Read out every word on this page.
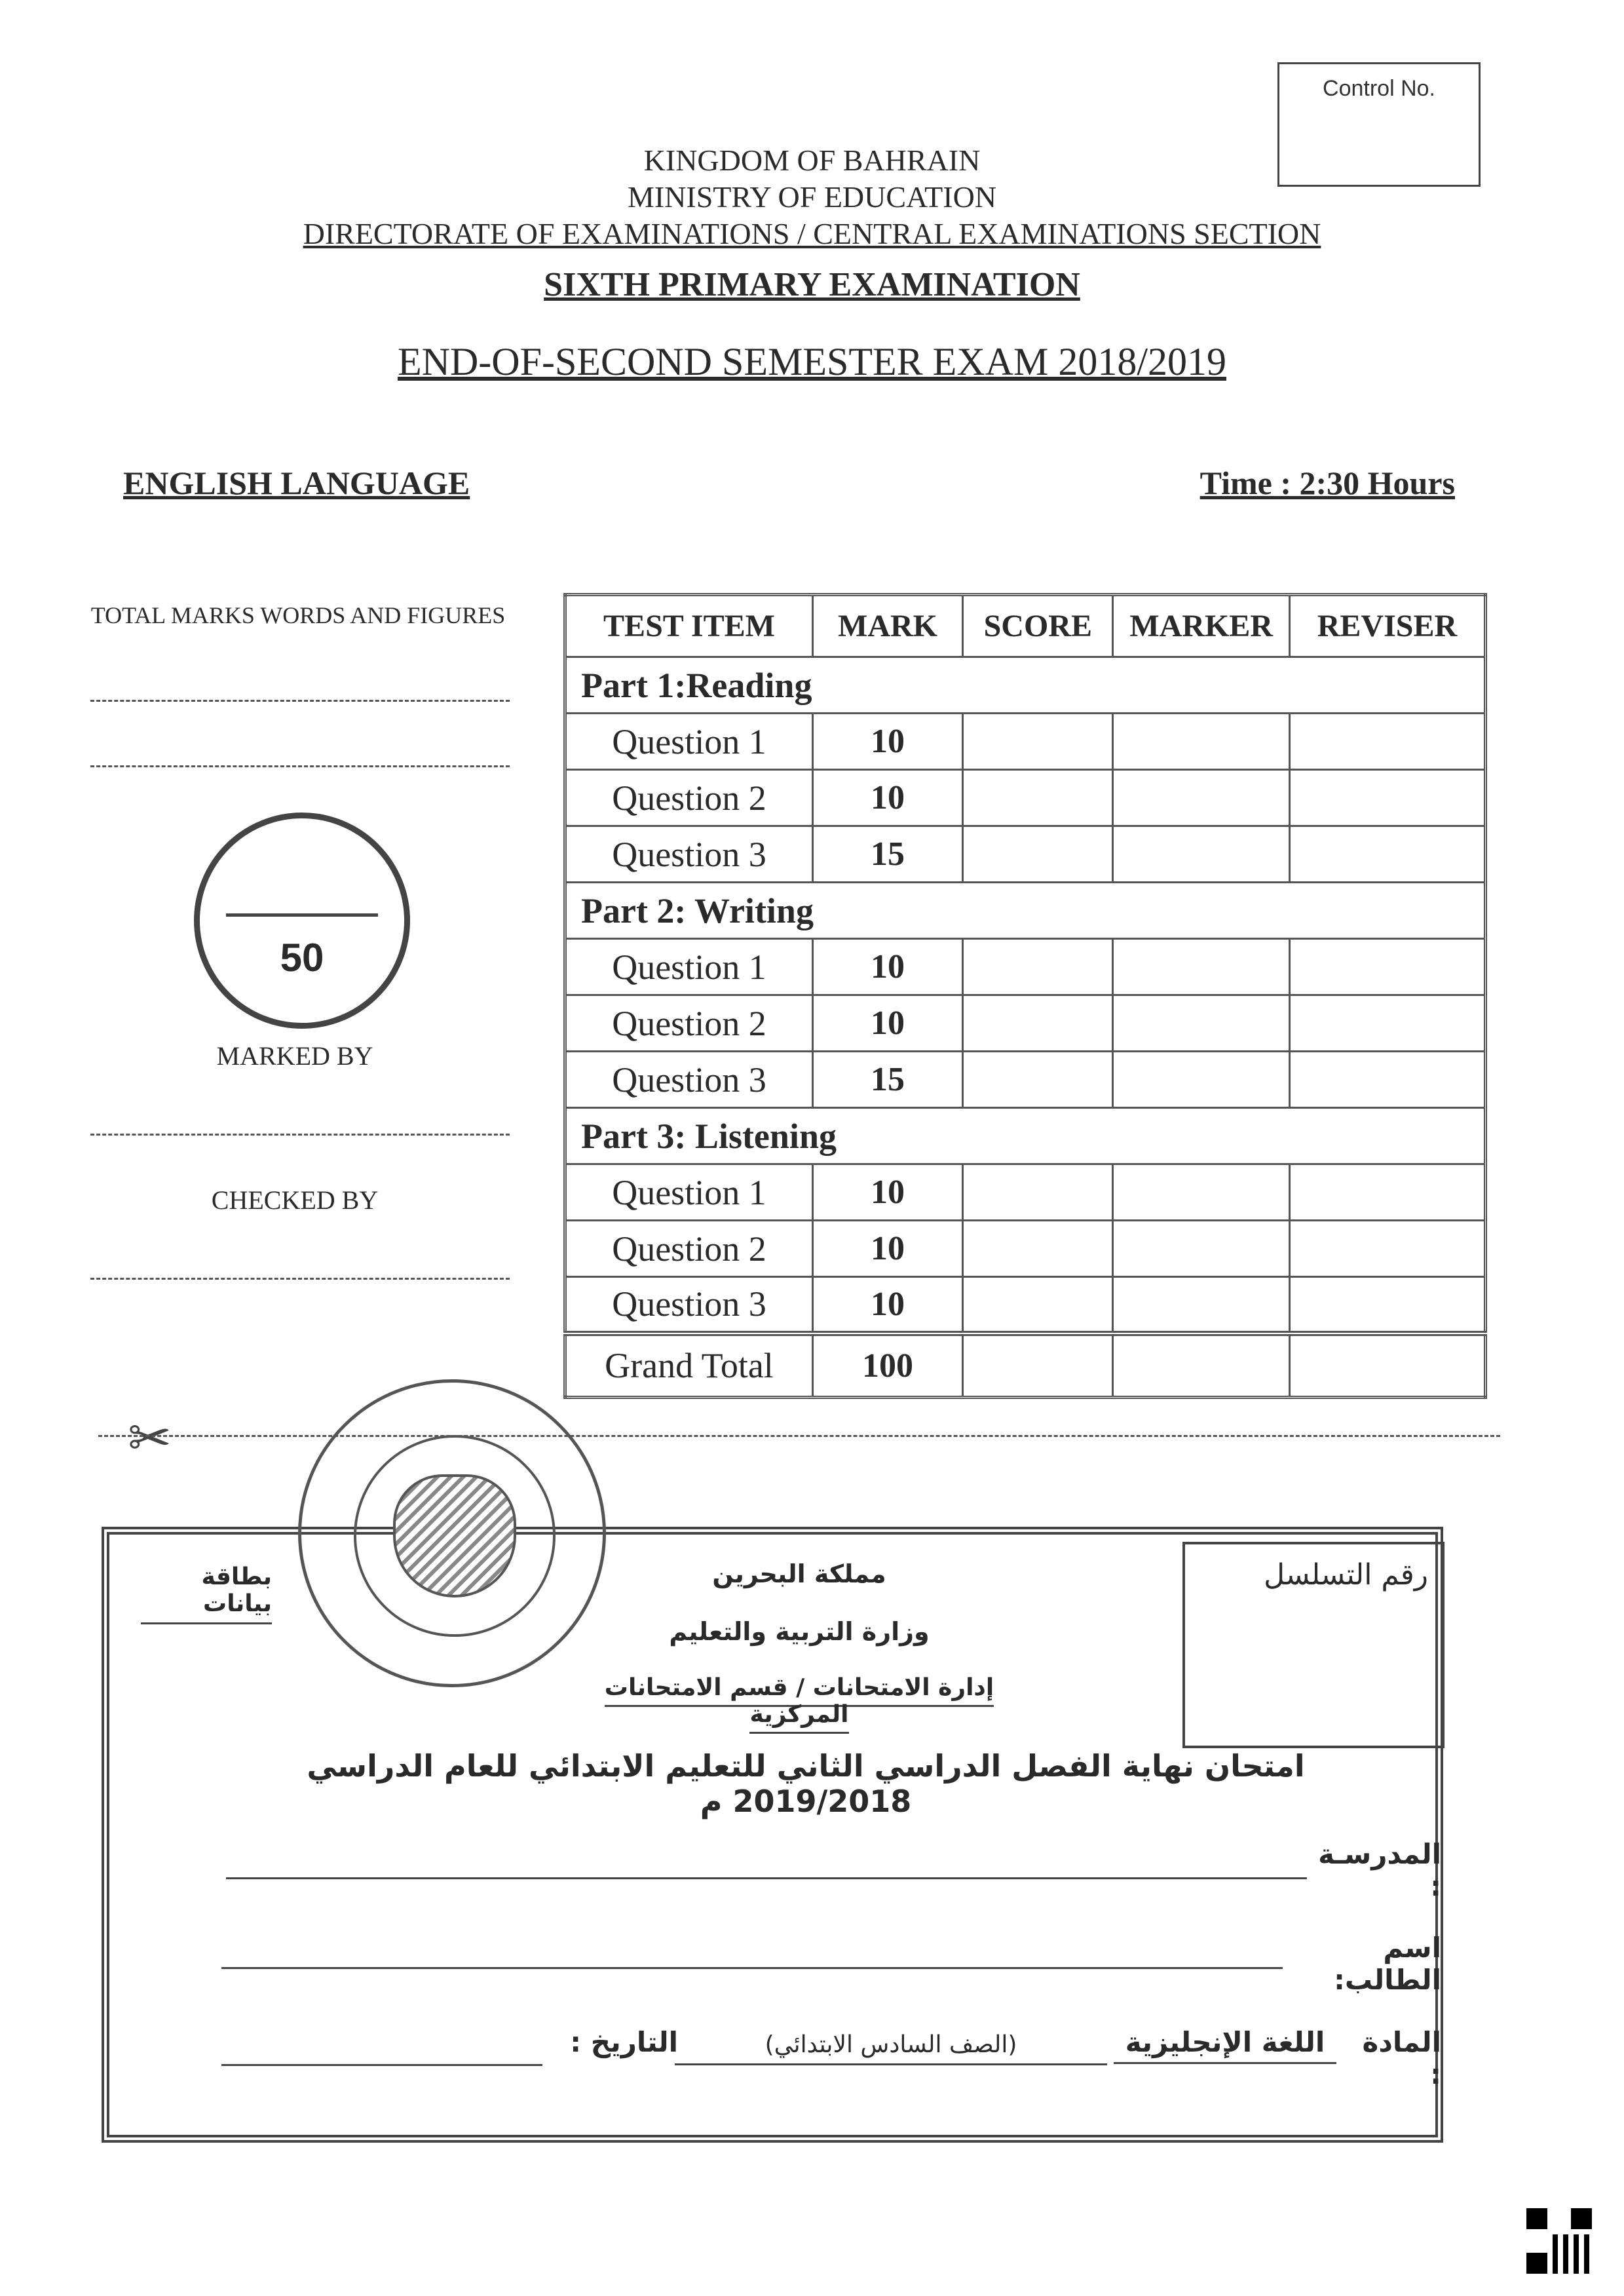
Control No.
KINGDOM OF BAHRAIN
MINISTRY OF EDUCATION
DIRECTORATE OF EXAMINATIONS / CENTRAL EXAMINATIONS SECTION
SIXTH PRIMARY EXAMINATION
END-OF-SECOND SEMESTER EXAM 2018/2019
ENGLISH LANGUAGE	Time : 2:30 Hours
TOTAL MARKS WORDS AND FIGURES
50
MARKED BY
CHECKED BY
TEST ITEM	MARK	SCORE	MARKER	REVISER
Part 1:Reading				
Question 1	10			
Question 2	10			
Question 3	15			
Part 2: Writing				
Question 1	10			
Question 2	10			
Question 3	15			
Part 3: Listening				
Question 1	10			
Question 2	10			
Question 3	10			
Grand Total	100			
✂
رقم التسلسل
بطاقة بيانات
مملكة البحرين
وزارة التربية والتعليم
إدارة الامتحانات / قسم الامتحانات المركزية
امتحان نهاية الفصل الدراسي الثاني للتعليم الابتدائي للعام الدراسي 2019/2018 م
المدرسـة :
اسم الطالب:
المادة :
اللغة الإنجليزية
(الصف السادس الابتدائي)
التاريخ :
